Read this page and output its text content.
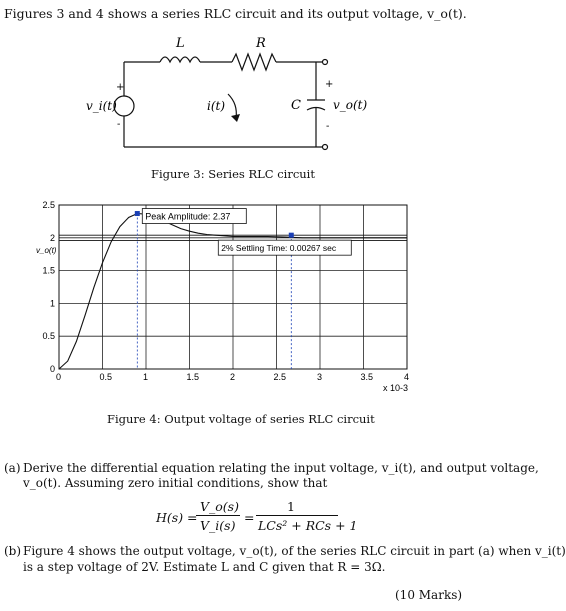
Figures 3 and 4 shows a series RLC circuit and its output voltage, v_o(t).
L	R
C
v_i(t)	v_o(t)
i(t)
+
-
+
-
Figure 3: Series RLC circuit
0	0.5	1	1.5	2	2.5	3	3.5	4
0
0.5
1
1.5
2
2.5
v_o(t)
x 10-3
Peak Amplitude: 2.37
2% Settling Time: 0.00267 sec
Figure 4: Output voltage of series RLC circuit
(a) Derive the differential equation relating the input voltage, v_i(t), and output voltage,
v_o(t). Assuming zero initial conditions, show that
H(s) =
V_o(s)
V_i(s)
=
1
LCs² + RCs + 1
(b) Figure 4 shows the output voltage, v_o(t), of the series RLC circuit in part (a) when v_i(t)
is a step voltage of 2V. Estimate L and C given that R = 3Ω.
(10 Marks)
